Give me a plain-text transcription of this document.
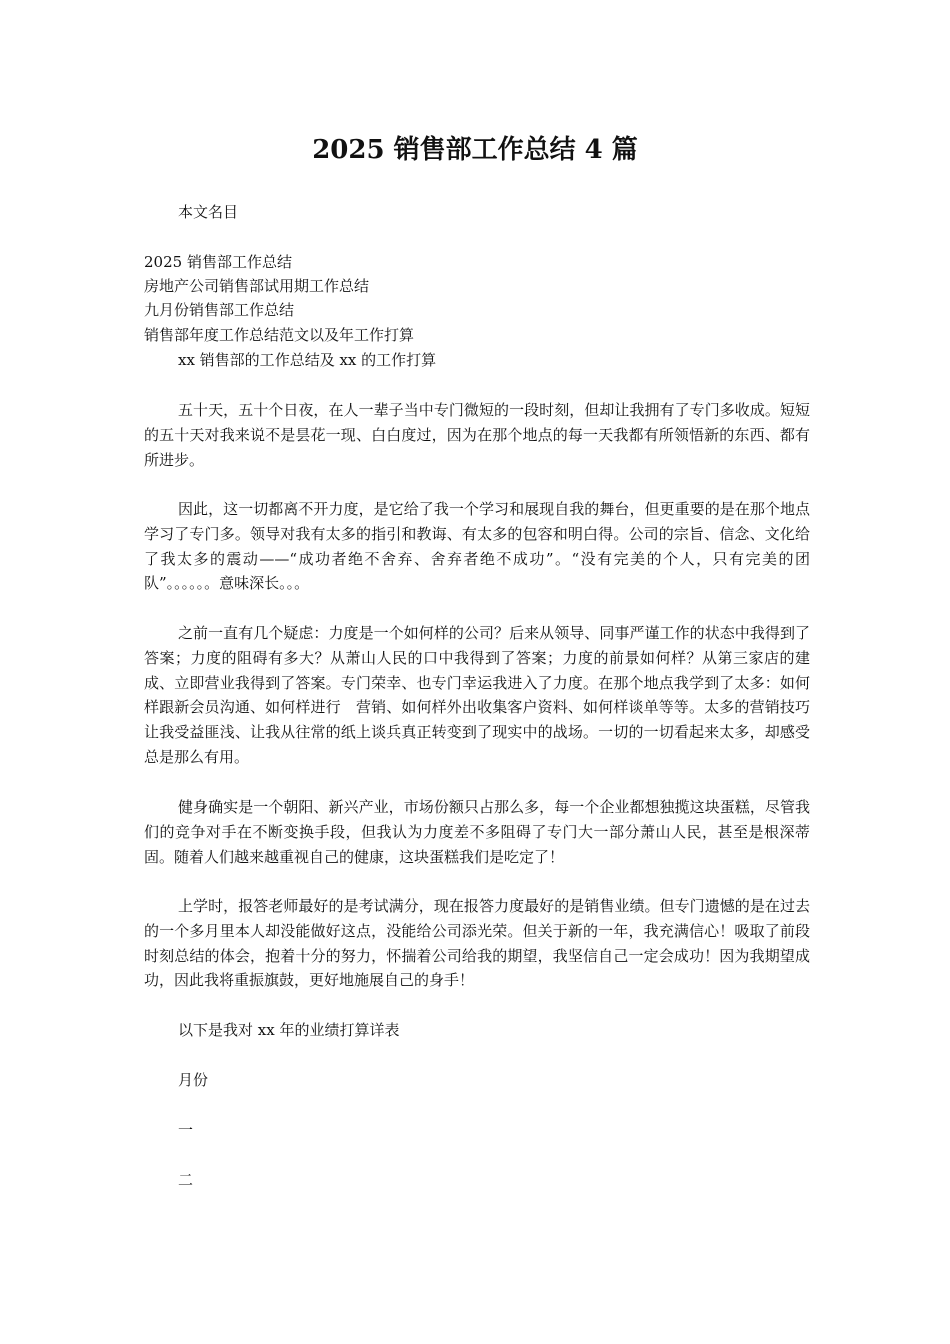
2025 销售部工作总结 4 篇
本文名目
2025 销售部工作总结
房地产公司销售部试用期工作总结
九月份销售部工作总结
销售部年度工作总结范文以及年工作打算
xx 销售部的工作总结及 xx 的工作打算
五十天，五十个日夜，在人一辈子当中专门微短的一段时刻，但却让我拥有了专门多收成。短短的五十天对我来说不是昙花一现、白白度过，因为在那个地点的每一天我都有所领悟新的东西、都有所进步。
因此，这一切都离不开力度，是它给了我一个学习和展现自我的舞台，但更重要的是在那个地点学习了专门多。领导对我有太多的指引和教诲、有太多的包容和明白得。公司的宗旨、信念、文化给了我太多的震动——“成功者绝不舍弃、舍弃者绝不成功”。“没有完美的个人，只有完美的团队”。。。。。。意味深长。。。
之前一直有几个疑虑：力度是一个如何样的公司？后来从领导、同事严谨工作的状态中我得到了答案；力度的阻碍有多大？从萧山人民的口中我得到了答案；力度的前景如何样？从第三家店的建成、立即营业我得到了答案。专门荣幸、也专门幸运我进入了力度。在那个地点我学到了太多：如何样跟新会员沟通、如何样进行　营销、如何样外出收集客户资料、如何样谈单等等。太多的营销技巧让我受益匪浅、让我从往常的纸上谈兵真正转变到了现实中的战场。一切的一切看起来太多，却感受总是那么有用。
健身确实是一个朝阳、新兴产业，市场份额只占那么多，每一个企业都想独揽这块蛋糕，尽管我们的竞争对手在不断变换手段，但我认为力度差不多阻碍了专门大一部分萧山人民，甚至是根深蒂固。随着人们越来越重视自己的健康，这块蛋糕我们是吃定了！
上学时，报答老师最好的是考试满分，现在报答力度最好的是销售业绩。但专门遗憾的是在过去的一个多月里本人却没能做好这点，没能给公司添光荣。但关于新的一年，我充满信心！吸取了前段时刻总结的体会，抱着十分的努力，怀揣着公司给我的期望，我坚信自己一定会成功！因为我期望成功，因此我将重振旗鼓，更好地施展自己的身手！
以下是我对 xx 年的业绩打算详表
月份
一
二
